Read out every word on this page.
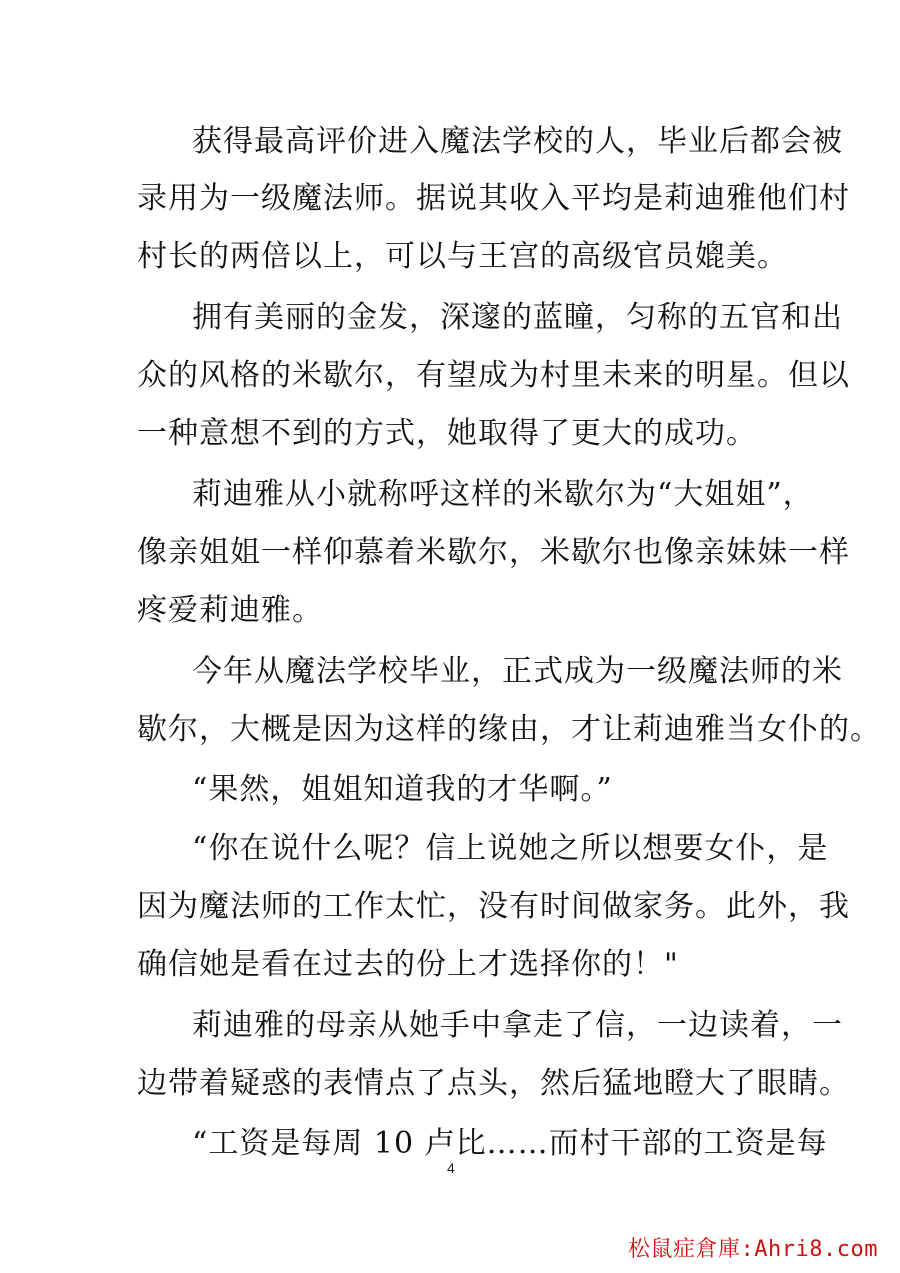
获得最高评价进入魔法学校的人，毕业后都会被
录用为一级魔法师。据说其收入平均是莉迪雅他们村
村长的两倍以上，可以与王宫的高级官员媲美。
拥有美丽的金发，深邃的蓝瞳，匀称的五官和出
众的风格的米歇尔，有望成为村里未来的明星。但以
一种意想不到的方式，她取得了更大的成功。
莉迪雅从小就称呼这样的米歇尔为“大姐姐”，
像亲姐姐一样仰慕着米歇尔，米歇尔也像亲妹妹一样
疼爱莉迪雅。
今年从魔法学校毕业，正式成为一级魔法师的米
歇尔，大概是因为这样的缘由，才让莉迪雅当女仆的。
“果然，姐姐知道我的才华啊。”
“你在说什么呢？信上说她之所以想要女仆，是
因为魔法师的工作太忙，没有时间做家务。此外，我
确信她是看在过去的份上才选择你的！"
莉迪雅的母亲从她手中拿走了信，一边读着，一
边带着疑惑的表情点了点头，然后猛地瞪大了眼睛。
“工资是每周 10 卢比……而村干部的工资是每
4
松鼠症倉庫:Ahri8.com
